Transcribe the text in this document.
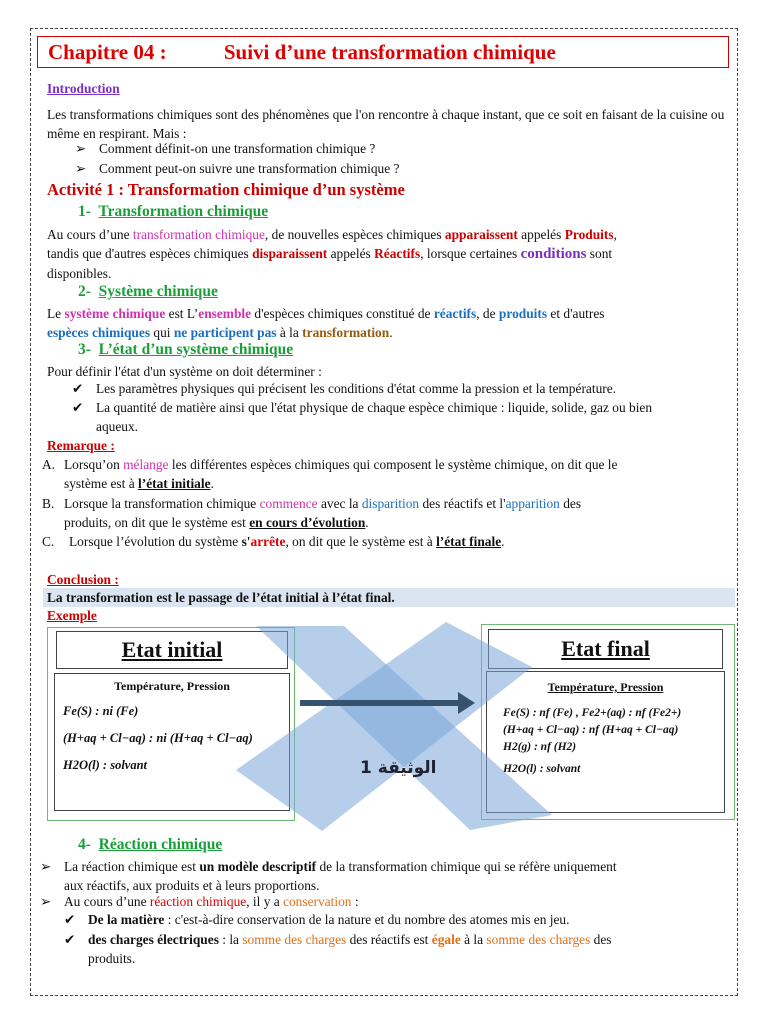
Chapitre 04 :	Suivi d’une transformation chimique
Introduction
Les transformations chimiques sont des phénomènes que l'on rencontre à chaque instant, que ce soit en faisant de la cuisine ou même en respirant. Mais :
➢ Comment définit-on une transformation chimique ?
➢ Comment peut-on suivre une transformation chimique ?
Activité 1 : Transformation chimique d’un système
1- Transformation chimique
Au cours d’une transformation chimique, de nouvelles espèces chimiques apparaissent appelés Produits,
tandis que d'autres espèces chimiques disparaissent appelés Réactifs, lorsque certaines conditions sont
disponibles.
2- Système chimique
Le système chimique est L’ensemble d'espèces chimiques constitué de réactifs, de produits et d'autres
espèces chimiques qui ne participent pas à la transformation.
3- L’état d’un système chimique
Pour définir l'état d'un système on doit déterminer :
✔ Les paramètres physiques qui précisent les conditions d'état comme la pression et la température.
✔ La quantité de matière ainsi que l'état physique de chaque espèce chimique : liquide, solide, gaz ou bien
aqueux.
Remarque :
A. Lorsqu’on mélange les différentes espèces chimiques qui composent le système chimique, on dit que le
système est à l’état initiale.
B. Lorsque la transformation chimique commence avec la disparition des réactifs et l'apparition des
produits, on dit que le système est en cours d’évolution.
C. Lorsque l’évolution du système s'arrête, on dit que le système est à l’état finale.
Conclusion :
La transformation est le passage de l’état initial à l’état final.
Exemple
Etat initial
Température, Pression
Fe(S) : ni (Fe)
(H+aq + Cl−aq) : ni (H+aq + Cl−aq)
H2O(l) : solvant
Etat final
Température, Pression
Fe(S) : nf (Fe) , Fe2+(aq) : nf (Fe2+)
(H+aq + Cl−aq) : nf (H+aq + Cl−aq)
H2(g) : nf (H2)
H2O(l) : solvant
الوثيقة 1
4- Réaction chimique
➢ La réaction chimique est un modèle descriptif de la transformation chimique qui se réfère uniquement
aux réactifs, aux produits et à leurs proportions.
➢ Au cours d’une réaction chimique, il y a conservation :
✔ De la matière : c'est-à-dire conservation de la nature et du nombre des atomes mis en jeu.
✔ des charges électriques : la somme des charges des réactifs est égale à la somme des charges des
produits.
